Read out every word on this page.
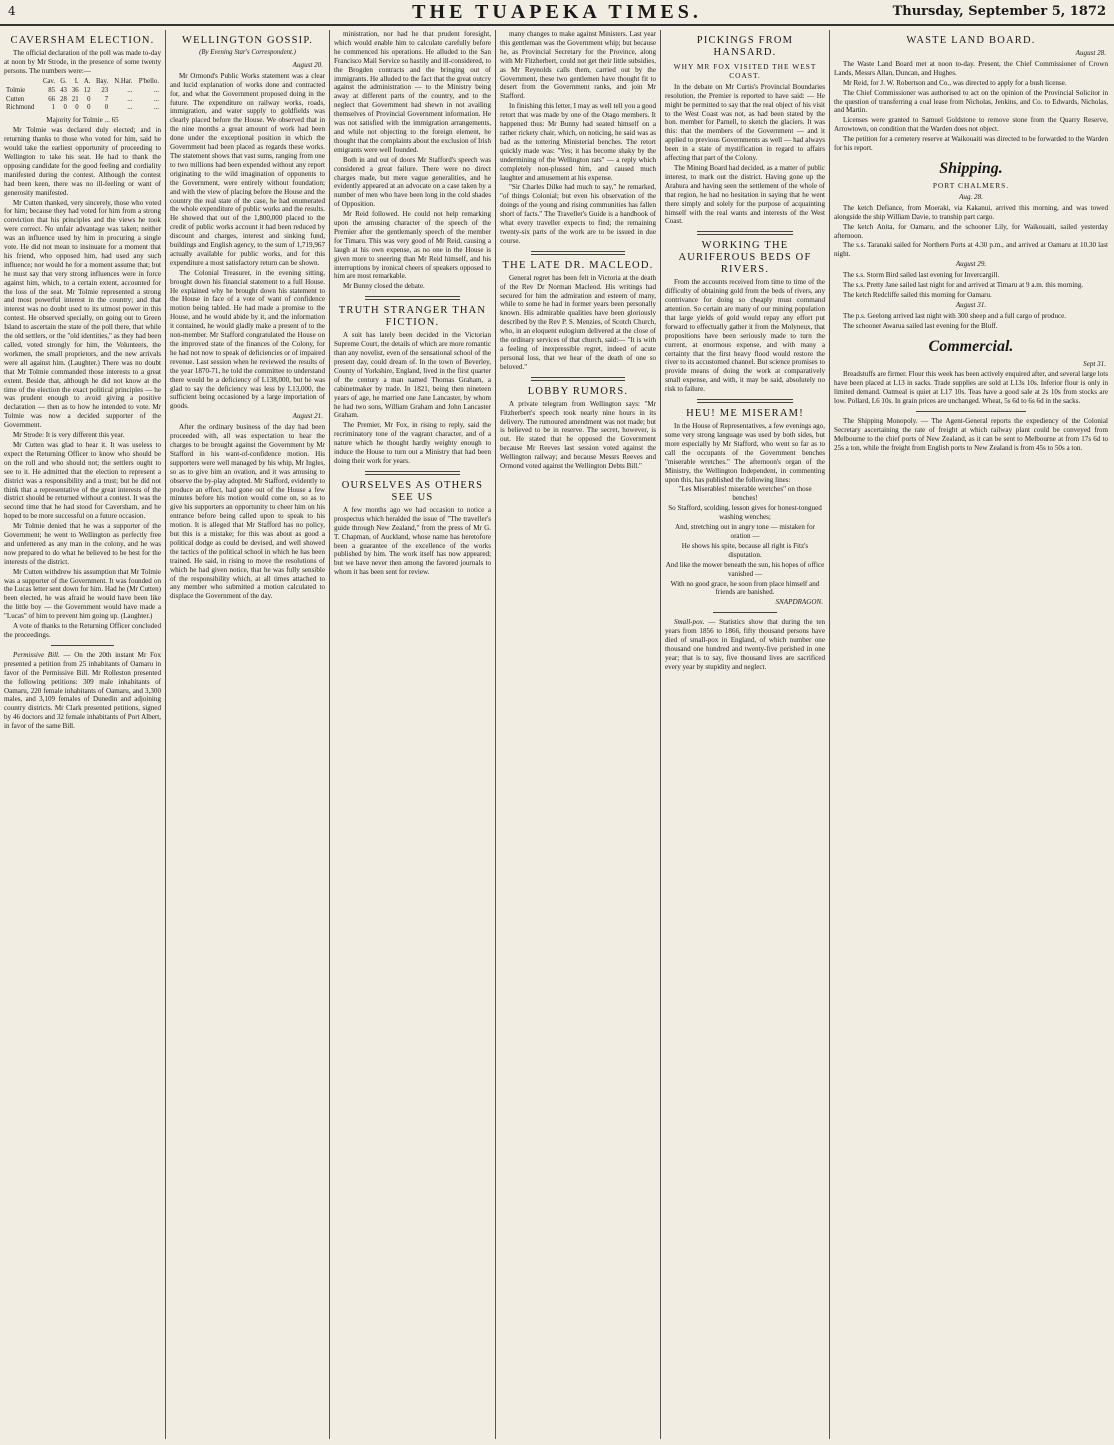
4	THE TUAPEKA TIMES.	Thursday, September 5, 1872
CAVERSHAM ELECTION.

The official declaration of the poll was made to-day at noon by Mr Strode, in the presence of some twenty persons. The numbers were:—

	Cav.	G.	I.	A.	Bay.	N.Har.	P'bello.
Tolmie	85	43	36	12	23	...	...
Cutten	66	28	21	0	7	...	...
Richmond	1	0	0	0	0	...	...

Majority for Tolmie ... 65

Mr Tolmie was declared duly elected; and in returning thanks to those who voted for him, said he would take the earliest opportunity of proceeding to Wellington to take his seat. He had to thank the opposing candidate for the good feeling and cordiality manifested during the contest. Although the contest had been keen, there was no ill-feeling or want of generosity manifested.

Mr Cutten thanked, very sincerely, those who voted for him; because they had voted for him from a strong conviction that his principles and the views he took were correct. No unfair advantage was taken; neither was an influence used by him in procuring a single vote. He did not mean to insinuate for a moment that his friend, who opposed him, had used any such influence; nor would he for a moment assume that; but he must say that very strong influences were in force against him, which, to a certain extent, accounted for the loss of the seat. Mr Tolmie represented a strong and most powerful interest in the country; and that interest was no doubt used to its utmost power in this contest. He observed specially, on going out to Green Island to ascertain the state of the poll there, that while the old settlers, or the "old identities," as they had been called, voted strongly for him, the Volunteers, the workmen, the small proprietors, and the new arrivals were all against him. (Laughter.) There was no doubt that Mr Tolmie commanded those interests to a great extent. Beside that, although he did not know at the time of the election the exact political principles — he was prudent enough to avoid giving a positive declaration — then as to how he intended to vote. Mr Tolmie was now a decided supporter of the Government.

Mr Strode: It is very different this year.

Mr Cutten was glad to hear it. It was useless to expect the Returning Officer to know who should be on the roll and who should not; the settlers ought to see to it. He admitted that the election to represent a district was a responsibility and a trust; but he did not think that a representative of the great interests of the district should be returned without a contest. It was the second time that he had stood for Caversham, and he hoped to be more successful on a future occasion.

Mr Tolmie denied that he was a supporter of the Government; he went to Wellington as perfectly free and unfettered as any man in the colony, and he was now prepared to do what he believed to be best for the interests of the district.

Mr Cutten withdrew his assumption that Mr Tolmie was a supporter of the Government. It was founded on the Lucas letter sent down for him. Had he (Mr Cutten) been elected, he was afraid he would have been like the little boy — the Government would have made a "Lucas" of him to prevent him going up. (Laughter.)

A vote of thanks to the Returning Officer concluded the proceedings.

Permissive Bill. — On the 20th instant Mr Fox presented a petition from 25 inhabitants of Oamaru in favor of the Permissive Bill. Mr Rolleston presented the following petitions: 309 male inhabitants of Oamaru, 220 female inhabitants of Oamaru, and 3,300 males, and 3,109 females of Dunedin and adjoining country districts. Mr Clark presented petitions, signed by 46 doctors and 32 female inhabitants of Port Albert, in favor of the same Bill.

WELLINGTON GOSSIP.
(By Evening Star's Correspondent.)
August 20.

Mr Ormond's Public Works statement was a clear and lucid explanation of works done and contracted for, and what the Government proposed doing in the future. The expenditure on railway works, roads, immigration, and water supply to goldfields was clearly placed before the House. We observed that in the nine months a great amount of work had been done under the exceptional position in which the Government had been placed as regards these works. The statement shows that vast sums, ranging from one to two millions had been expended without any report originating to the wild imagination of opponents to the Government, were entirely without foundation; and with the view of placing before the House and the country the real state of the case, he had enumerated the whole expenditure of public works and the results. He showed that out of the 1,800,000 placed to the credit of public works account it had been reduced by discount and charges, interest and sinking fund, buildings and English agency, to the sum of 1,719,967 actually available for public works, and for this expenditure a most satisfactory return can be shown.

The Colonial Treasurer, in the evening sitting, brought down his financial statement to a full House. He explained why he brought down his statement to the House in face of a vote of want of confidence motion being tabled. He had made a promise to the House, and he would abide by it, and the information it contained, he would gladly make a present of to the non-member. Mr Stafford congratulated the House on the improved state of the finances of the Colony, for he had not now to speak of deficiencies or of impaired revenue. Last session when he reviewed the results of the year 1870-71, he told the committee to understand there would be a deficiency of L138,000, but he was glad to say the deficiency was less by L13,000, the sufficient being occasioned by a large importation of goods.

August 21.

After the ordinary business of the day had been proceeded with, all was expectation to hear the charges to be brought against the Government by Mr Stafford in his want-of-confidence motion. His supporters were well managed by his whip, Mr Ingles, so as to give him an ovation, and it was amusing to observe the by-play adopted. Mr Stafford, evidently to produce an effect, had gone out of the House a few minutes before his motion would come on, so as to give his supporters an opportunity to cheer him on his entrance before being called upon to speak to his motion. It is alleged that Mr Stafford has no policy, but this is a mistake; for this was about as good a political dodge as could be devised, and well showed the tactics of the political school in which he has been trained. He said, in rising to move the resolutions of which he had given notice, that he was fully sensible of the responsibility which, at all times attached to any member who submitted a motion calculated to displace the Government of the day.

ministration, nor had he that prudent foresight, which would enable him to calculate carefully before he commenced his operations. He alluded to the San Francisco Mail Service so hastily and ill-considered, to the Brogden contracts and the bringing out of immigrants. He alluded to the fact that the great outcry against the administration — to the Ministry being away at different parts of the country, and to the neglect that Government had shewn in not availing themselves of Provincial Government information. He was not satisfied with the immigration arrangements, and while not objecting to the foreign element, he thought that the complaints about the exclusion of Irish emigrants were well founded.

Both in and out of doors Mr Stafford's speech was considered a great failure. There were no direct charges made, but mere vague generalities, and he evidently appeared at an advocate on a case taken by a number of men who have been long in the cold shades of Opposition.

Mr Reid followed. He could not help remarking upon the amusing character of the speech of the Premier after the gentlemanly speech of the member for Timaru. This was very good of Mr Reid, causing a laugh at his own expense, as no one in the House is given more to sneering than Mr Reid himself, and his interruptions by ironical cheers of speakers opposed to him are most remarkable.

Mr Bunny closed the debate.

TRUTH STRANGER THAN FICTION.

A suit has lately been decided in the Victorian Supreme Court, the details of which are more romantic than any novelist, even of the sensational school of the present day, could dream of. In the town of Beverley, County of Yorkshire, England, lived in the first quarter of the century a man named Thomas Graham, a cabinetmaker by trade. In 1821, being then nineteen years of age, he married one Jane Lancaster, by whom he had two sons, William Graham and John Lancaster Graham.

The Premier, Mr Fox, in rising to reply, said the recriminatory tone of the vagrant character, and of a nature which he thought hardly weighty enough to induce the House to turn out a Ministry that had been doing their work for years.

OURSELVES AS OTHERS SEE US

A few months ago we had occasion to notice a prospectus which heralded the issue of "The traveller's guide through New Zealand," from the press of Mr G. T. Chapman, of Auckland, whose name has heretofore been a guarantee of the excellence of the works published by him. The work itself has now appeared; but we have never then among the favored journals to whom it has been sent for review.

many changes to make against Ministers. Last year this gentleman was the Government whip; but because he, as Provincial Secretary for the Province, along with Mr Fitzherbert, could not get their little subsidies, as Mr Reynolds calls them, carried out by the Government, these two gentlemen have thought fit to desert from the Government ranks, and join Mr Stafford.

In finishing this letter, I may as well tell you a good retort that was made by one of the Otago members. It happened thus: Mr Bunny had seated himself on a rather rickety chair, which, on noticing, he said was as bad as the tottering Ministerial benches. The retort quickly made was: "Yes; it has become shaky by the undermining of the Wellington rats" — a reply which completely non-plussed him, and caused much laughter and amusement at his expense.

"Sir Charles Dilke had much to say," he remarked, "of things Colonial; but even his observation of the doings of the young and rising communities has fallen short of facts." The Traveller's Guide is a handbook of what every traveller expects to find; the remaining twenty-six parts of the work are to be issued in due course.

THE LATE DR. MACLEOD.

General regret has been felt in Victoria at the death of the Rev Dr Norman Macleod. His writings had secured for him the admiration and esteem of many, while to some he had in former years been personally known. His admirable qualities have been gloriously described by the Rev P. S. Menzies, of Scotch Church, who, in an eloquent eulogium delivered at the close of the ordinary services of that church, said:— "It is with a feeling of inexpressible regret, indeed of acute personal loss, that we hear of the death of one so beloved."

LOBBY RUMORS.

A private telegram from Wellington says: "Mr Fitzherbert's speech took nearly nine hours in its delivery. The rumoured amendment was not made; but is believed to be in reserve. The secret, however, is out. He stated that he opposed the Government because Mr Reeves last session voted against the Wellington railway; and because Messrs Reeves and Ormond voted against the Wellington Debts Bill."

PICKINGS FROM HANSARD.
WHY MR FOX VISITED THE WEST COAST.

In the debate on Mr Curtis's Provincial Boundaries resolution, the Premier is reported to have said: — He might be permitted to say that the real object of his visit to the West Coast was not, as had been stated by the hon. member for Parnell, to sketch the glaciers. It was this: that the members of the Government — and it applied to previous Governments as well — had always been in a state of mystification in regard to affairs affecting that part of the Colony.

The Mining Board had decided, as a matter of public interest, to mark out the district. Having gone up the Arahura and having seen the settlement of the whole of that region, he had no hesitation in saying that he went there simply and solely for the purpose of acquainting himself with the real wants and interests of the West Coast.

WORKING THE AURIFEROUS BEDS OF RIVERS.

From the accounts received from time to time of the difficulty of obtaining gold from the beds of rivers, any contrivance for doing so cheaply must command attention. So certain are many of our mining population that large yields of gold would repay any effort put forward to effectually gather it from the Molyneux, that propositions have been seriously made to turn the current, at enormous expense, and with many a certainty that the first heavy flood would restore the river to its accustomed channel. But science promises to provide means of doing the work at comparatively small expense, and with, it may be said, absolutely no risk to failure.

HEU! ME MISERAM!

In the House of Representatives, a few evenings ago, some very strong language was used by both sides, but more especially by Mr Stafford, who went so far as to call the occupants of the Government benches "miserable wretches." The afternoon's organ of the Ministry, the Wellington Independent, in commenting upon this, has published the following lines:

"Les Miserables! miserable wretches" on those benches!

So Stafford, scolding, lesson gives for honest-tongued washing wenches;

And, stretching out in angry tone — mistaken for oration —

He shows his spite, because all right is Fitz's disputation.

And like the mower beneath the sun, his hopes of office vanished —

With no good grace, he soon from place himself and friends are banished.

SNAPDRAGON.

Small-pox. — Statistics show that during the ten years from 1856 to 1866, fifty thousand persons have died of small-pox in England, of which number one thousand one hundred and twenty-five perished in one year; that is to say, five thousand lives are sacrificed every year by stupidity and neglect.

WASTE LAND BOARD.
August 28.

The Waste Land Board met at noon to-day. Present, the Chief Commissioner of Crown Lands, Messrs Allan, Duncan, and Hughes.

Mr Reid, for J. W. Robertson and Co., was directed to apply for a bush license.

The Chief Commissioner was authorised to act on the opinion of the Provincial Solicitor in the question of transferring a coal lease from Nicholas, Jenkins, and Co. to Edwards, Nicholas, and Martin.

Licenses were granted to Samuel Goldstone to remove stone from the Quarry Reserve, Arrowtown, on condition that the Warden does not object.

The petition for a cemetery reserve at Waikouaiti was directed to be forwarded to the Warden for his report.

Shipping.
PORT CHALMERS.
Aug. 28.

The ketch Defiance, from Moeraki, via Kakanui, arrived this morning, and was towed alongside the ship William Davie, to tranship part cargo.

The ketch Anita, for Oamaru, and the schooner Lily, for Waikouaiti, sailed yesterday afternoon.

The s.s. Taranaki sailed for Northern Ports at 4.30 p.m., and arrived at Oamaru at 10.30 last night.

August 29.

The s.s. Storm Bird sailed last evening for Invercargill.

The s.s. Pretty Jane sailed last night for and arrived at Timaru at 9 a.m. this morning.

The ketch Redcliffe sailed this morning for Oamaru.

August 31.

The p.s. Geelong arrived last night with 300 sheep and a full cargo of produce.

The schooner Awarua sailed last evening for the Bluff.

Commercial.
Sept 31.

Breadstuffs are firmer. Flour this week has been actively enquired after, and several large lots have been placed at L13 in sacks. Trade supplies are sold at L13s 10s. Inferior flour is only in limited demand. Oatmeal is quiet at L17 10s. Teas have a good sale at 2s 10s from stocks are low. Pollard, L6 10s. In grain prices are unchanged. Wheat, 5s 6d to 6s 6d in the sacks.

The Shipping Monopoly. — The Agent-General reports the expediency of the Colonial Secretary ascertaining the rate of freight at which railway plant could be conveyed from Melbourne to the chief ports of New Zealand, as it can be sent to Melbourne at from 17s 6d to 25s a ton, while the freight from English ports to New Zealand is from 45s to 50s a ton.
